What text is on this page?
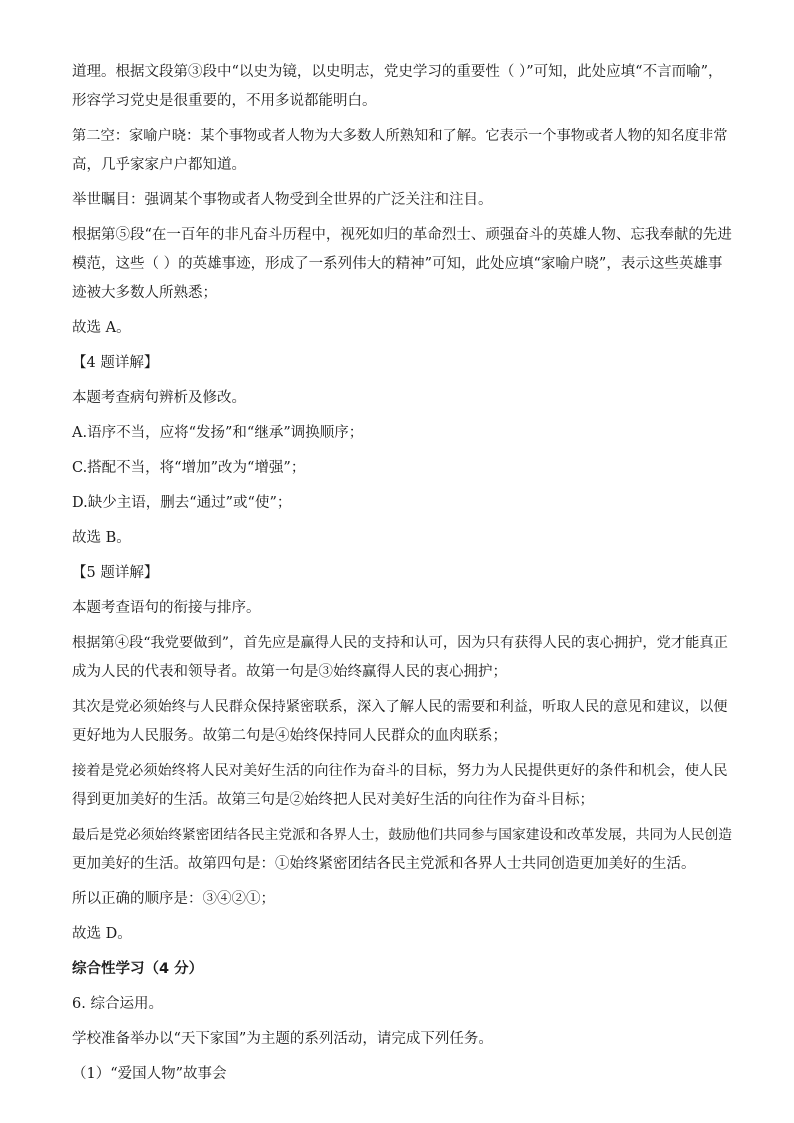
道理。根据文段第③段中“以史为镜，以史明志，党史学习的重要性（ ）”可知，此处应填“不言而喻”，
形容学习党史是很重要的，不用多说都能明白。
第二空：家喻户晓：某个事物或者人物为大多数人所熟知和了解。它表示一个事物或者人物的知名度非常
高，几乎家家户户都知道。
举世瞩目：强调某个事物或者人物受到全世界的广泛关注和注目。
根据第⑤段“在一百年的非凡奋斗历程中，视死如归的革命烈士、顽强奋斗的英雄人物、忘我奉献的先进
模范，这些（ ）的英雄事迹，形成了一系列伟大的精神”可知，此处应填“家喻户晓”，表示这些英雄事
迹被大多数人所熟悉；
故选 A。
【4 题详解】
本题考查病句辨析及修改。
A.语序不当，应将“发扬”和“继承”调换顺序；
C.搭配不当，将“增加”改为“增强”；
D.缺少主语，删去“通过”或“使”；
故选 B。
【5 题详解】
本题考查语句的衔接与排序。
根据第④段“我党要做到”，首先应是赢得人民的支持和认可，因为只有获得人民的衷心拥护，党才能真正
成为人民的代表和领导者。故第一句是③始终赢得人民的衷心拥护；
其次是党必须始终与人民群众保持紧密联系，深入了解人民的需要和利益，听取人民的意见和建议，以便
更好地为人民服务。故第二句是④始终保持同人民群众的血肉联系；
接着是党必须始终将人民对美好生活的向往作为奋斗的目标，努力为人民提供更好的条件和机会，使人民
得到更加美好的生活。故第三句是②始终把人民对美好生活的向往作为奋斗目标；
最后是党必须始终紧密团结各民主党派和各界人士，鼓励他们共同参与国家建设和改革发展，共同为人民创造
更加美好的生活。故第四句是：①始终紧密团结各民主党派和各界人士共同创造更加美好的生活。
所以正确的顺序是：③④②①；
故选 D。
综合性学习（4 分）
6. 综合运用。
学校准备举办以“天下家国”为主题的系列活动，请完成下列任务。
（1）“爱国人物”故事会
